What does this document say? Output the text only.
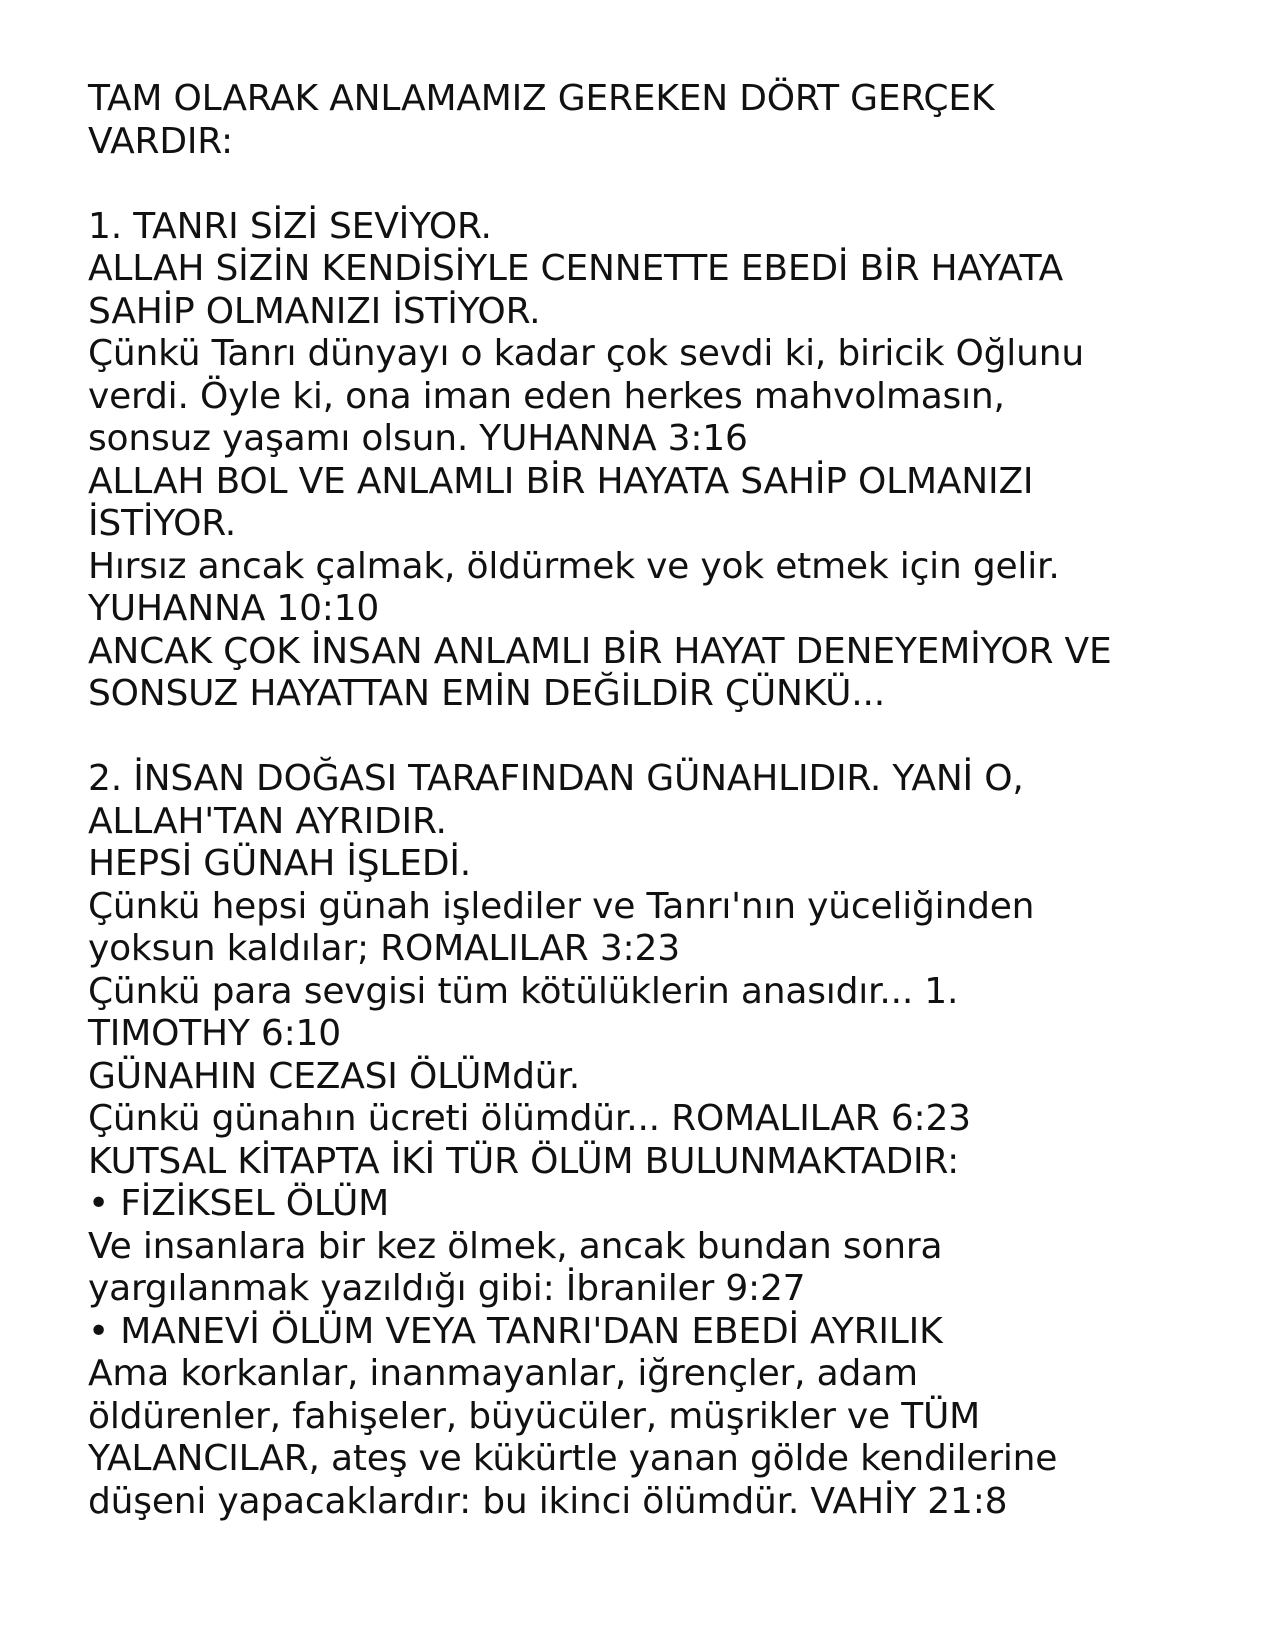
TAM OLARAK ANLAMAMIZ GEREKEN DÖRT GERÇEK

VARDIR:

1. TANRI SİZİ SEVİYOR.

ALLAH SİZİN KENDİSİYLE CENNETTE EBEDİ BİR HAYATA

SAHİP OLMANIZI İSTİYOR.

Çünkü Tanrı dünyayı o kadar çok sevdi ki, biricik Oğlunu

verdi. Öyle ki, ona iman eden herkes mahvolmasın,

sonsuz yaşamı olsun. YUHANNA 3:16

ALLAH BOL VE ANLAMLI BİR HAYATA SAHİP OLMANIZI

İSTİYOR.

Hırsız ancak çalmak, öldürmek ve yok etmek için gelir.

YUHANNA 10:10

ANCAK ÇOK İNSAN ANLAMLI BİR HAYAT DENEYEMİYOR VE

SONSUZ HAYATTAN EMİN DEĞİLDİR ÇÜNKÜ...

2. İNSAN DOĞASI TARAFINDAN GÜNAHLIDIR. YANİ O,

ALLAH'TAN AYRIDIR.

HEPSİ GÜNAH İŞLEDİ.

Çünkü hepsi günah işlediler ve Tanrı'nın yüceliğinden

yoksun kaldılar; ROMALILAR 3:23

Çünkü para sevgisi tüm kötülüklerin anasıdır... 1.

TIMOTHY 6:10

GÜNAHIN CEZASI ÖLÜMdür.

Çünkü günahın ücreti ölümdür... ROMALILAR 6:23

KUTSAL KİTAPTA İKİ TÜR ÖLÜM BULUNMAKTADIR:

• FİZİKSEL ÖLÜM

Ve insanlara bir kez ölmek, ancak bundan sonra

yargılanmak yazıldığı gibi: İbraniler 9:27

• MANEVİ ÖLÜM VEYA TANRI'DAN EBEDİ AYRILIK

Ama korkanlar, inanmayanlar, iğrençler, adam

öldürenler, fahişeler, büyücüler, müşrikler ve TÜM

YALANCILAR, ateş ve kükürtle yanan gölde kendilerine

düşeni yapacaklardır: bu ikinci ölümdür. VAHİY 21:8
